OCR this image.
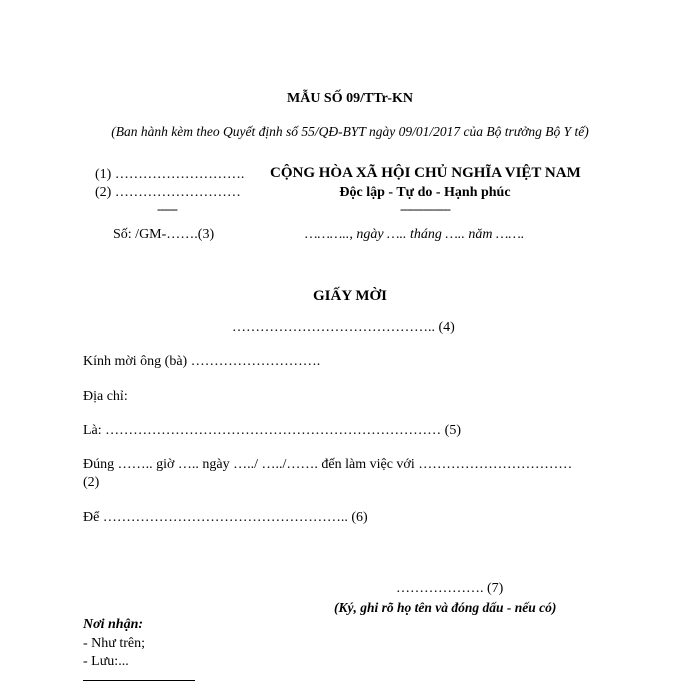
MẪU SỐ 09/TTr-KN
(Ban hành kèm theo Quyết định số 55/QĐ-BYT ngày 09/01/2017 của Bộ trưởng Bộ Y tế)
(1) ……………………….
(2) ………………………
------
CỘNG HÒA XÃ HỘI CHỦ NGHĨA VIỆT NAM
Độc lập - Tự do - Hạnh phúc
---------------
Số: /GM-…….(3)	……….., ngày ….. tháng ….. năm …….
GIẤY MỜI
…………………………………….. (4)
Kính mời ông (bà) ……………………….
Địa chỉ:
Là: ……………………………………………………………… (5)
Đúng …….. giờ ….. ngày …../ …../……. đến làm việc với ……………………………
(2)
Để …………………………………………….. (6)
………………. (7)
(Ký, ghi rõ họ tên và đóng dấu - nếu có)
Nơi nhận:
- Như trên;
- Lưu:...
